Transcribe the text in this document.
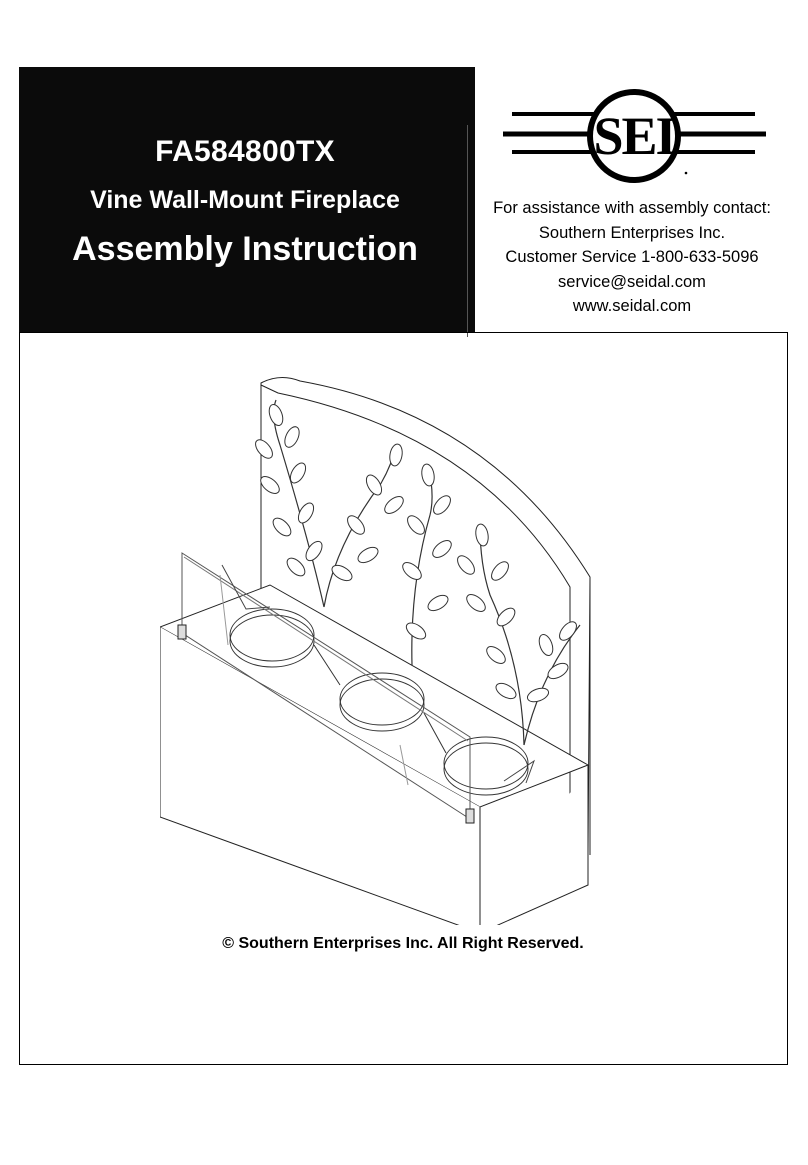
FA584800TX
Vine Wall-Mount Fireplace
Assembly Instruction
SEI
For assistance with assembly contact:
Southern Enterprises Inc.
Customer Service 1-800-633-5096
service@seidal.com
www.seidal.com
© Southern Enterprises Inc. All Right Reserved.
